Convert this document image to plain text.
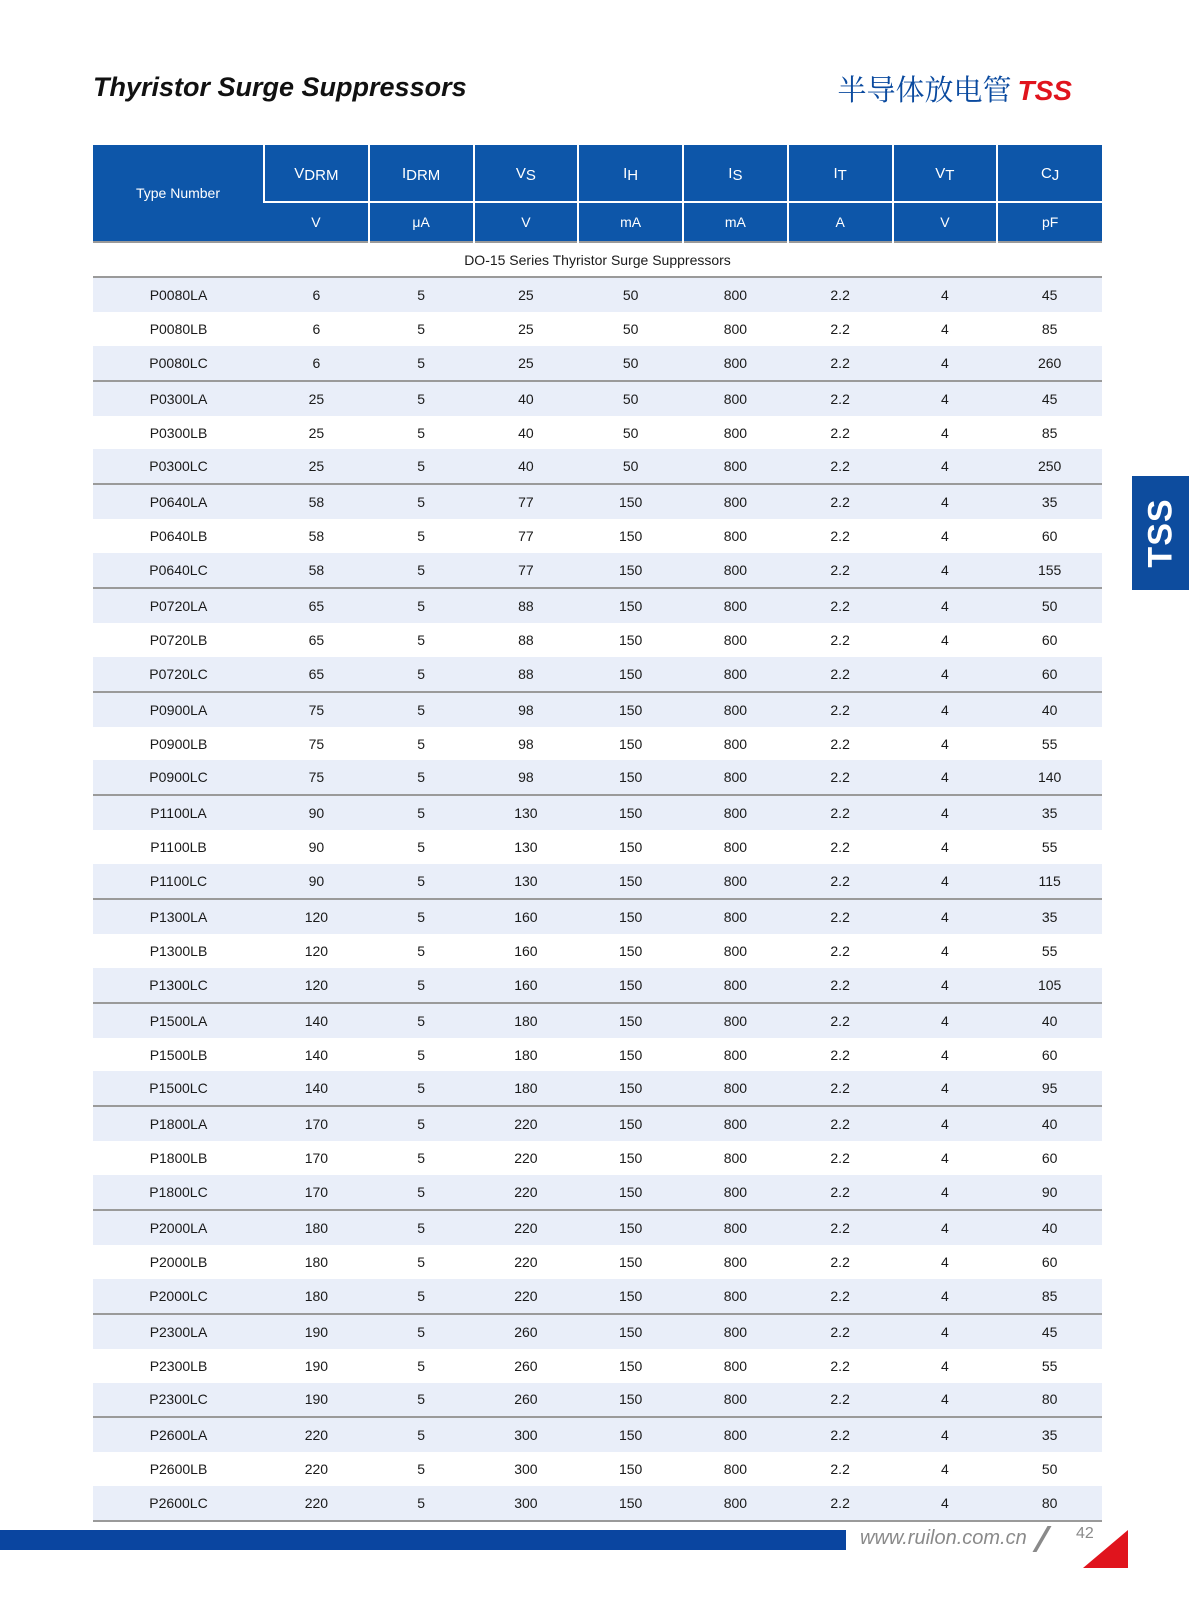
Thyristor Surge Suppressors	半导体放电管 TSS
TSS
Type Number	$V_{DRM}$	$I_{DRM}$	$V_S$	$I_H$	$I_S$	$I_T$	$V_T$	$C_J$
	V	μA	V	mA	mA	A	V	pF
DO-15 Series Thyristor Surge Suppressors								
P0080LA	6	5	25	50	800	2.2	4	45
P0080LB	6	5	25	50	800	2.2	4	85
P0080LC	6	5	25	50	800	2.2	4	260
P0300LA	25	5	40	50	800	2.2	4	45
P0300LB	25	5	40	50	800	2.2	4	85
P0300LC	25	5	40	50	800	2.2	4	250
P0640LA	58	5	77	150	800	2.2	4	35
P0640LB	58	5	77	150	800	2.2	4	60
P0640LC	58	5	77	150	800	2.2	4	155
P0720LA	65	5	88	150	800	2.2	4	50
P0720LB	65	5	88	150	800	2.2	4	60
P0720LC	65	5	88	150	800	2.2	4	60
P0900LA	75	5	98	150	800	2.2	4	40
P0900LB	75	5	98	150	800	2.2	4	55
P0900LC	75	5	98	150	800	2.2	4	140
P1100LA	90	5	130	150	800	2.2	4	35
P1100LB	90	5	130	150	800	2.2	4	55
P1100LC	90	5	130	150	800	2.2	4	115
P1300LA	120	5	160	150	800	2.2	4	35
P1300LB	120	5	160	150	800	2.2	4	55
P1300LC	120	5	160	150	800	2.2	4	105
P1500LA	140	5	180	150	800	2.2	4	40
P1500LB	140	5	180	150	800	2.2	4	60
P1500LC	140	5	180	150	800	2.2	4	95
P1800LA	170	5	220	150	800	2.2	4	40
P1800LB	170	5	220	150	800	2.2	4	60
P1800LC	170	5	220	150	800	2.2	4	90
P2000LA	180	5	220	150	800	2.2	4	40
P2000LB	180	5	220	150	800	2.2	4	60
P2000LC	180	5	220	150	800	2.2	4	85
P2300LA	190	5	260	150	800	2.2	4	45
P2300LB	190	5	260	150	800	2.2	4	55
P2300LC	190	5	260	150	800	2.2	4	80
P2600LA	220	5	300	150	800	2.2	4	35
P2600LB	220	5	300	150	800	2.2	4	50
P2600LC	220	5	300	150	800	2.2	4	80
www.ruilon.com.cn	42
